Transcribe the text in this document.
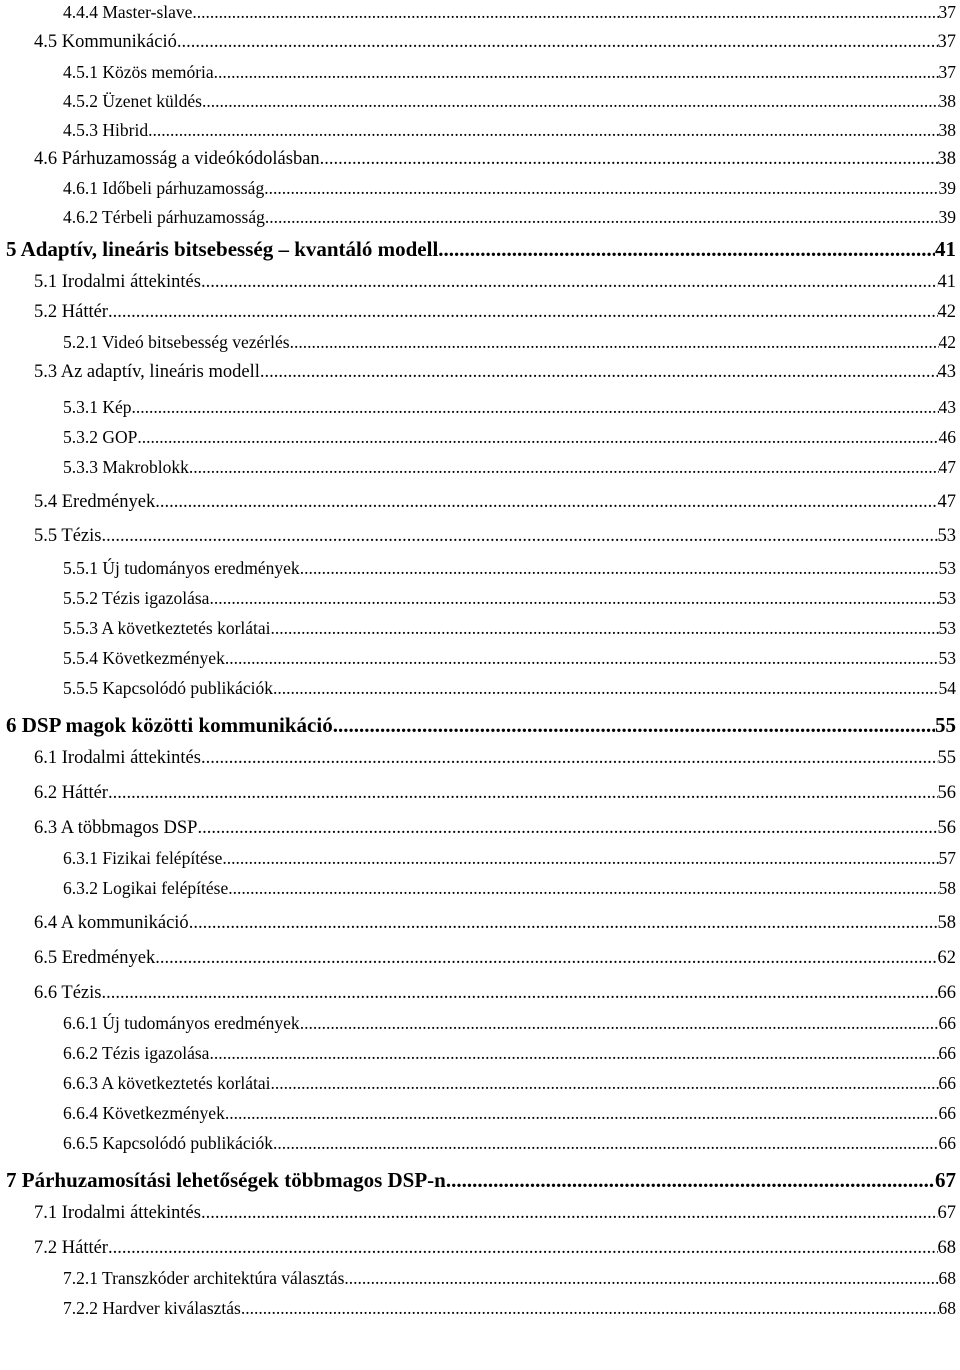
4.4.4 Master-slave .....	37
4.5 Kommunikáció .....	37
4.5.1 Közös memória .....	37
4.5.2 Üzenet küldés .....	38
4.5.3 Hibrid .....	38
4.6 Párhuzamosság a videókódolásban .....	38
4.6.1 Időbeli párhuzamosság .....	39
4.6.2 Térbeli párhuzamosság .....	39
5 Adaptív, lineáris bitsebesség – kvantáló modell .....	41
5.1 Irodalmi áttekintés .....	41
5.2 Háttér .....	42
5.2.1 Videó bitsebesség vezérlés .....	42
5.3 Az adaptív, lineáris modell .....	43
5.3.1 Kép .....	43
5.3.2 GOP .....	46
5.3.3 Makroblokk .....	47
5.4 Eredmények .....	47
5.5 Tézis .....	53
5.5.1 Új tudományos eredmények .....	53
5.5.2 Tézis igazolása .....	53
5.5.3 A következtetés korlátai .....	53
5.5.4 Következmények .....	53
5.5.5 Kapcsolódó publikációk .....	54
6 DSP magok közötti kommunikáció .....	55
6.1 Irodalmi áttekintés .....	55
6.2 Háttér .....	56
6.3 A többmagos DSP .....	56
6.3.1 Fizikai felépítése .....	57
6.3.2 Logikai felépítése .....	58
6.4 A kommunikáció .....	58
6.5 Eredmények .....	62
6.6 Tézis .....	66
6.6.1 Új tudományos eredmények .....	66
6.6.2 Tézis igazolása .....	66
6.6.3 A következtetés korlátai .....	66
6.6.4 Következmények .....	66
6.6.5 Kapcsolódó publikációk .....	66
7 Párhuzamosítási lehetőségek többmagos DSP-n .....	67
7.1 Irodalmi áttekintés .....	67
7.2 Háttér .....	68
7.2.1 Transzkóder architektúra választás .....	68
7.2.2 Hardver kiválasztás .....	68
